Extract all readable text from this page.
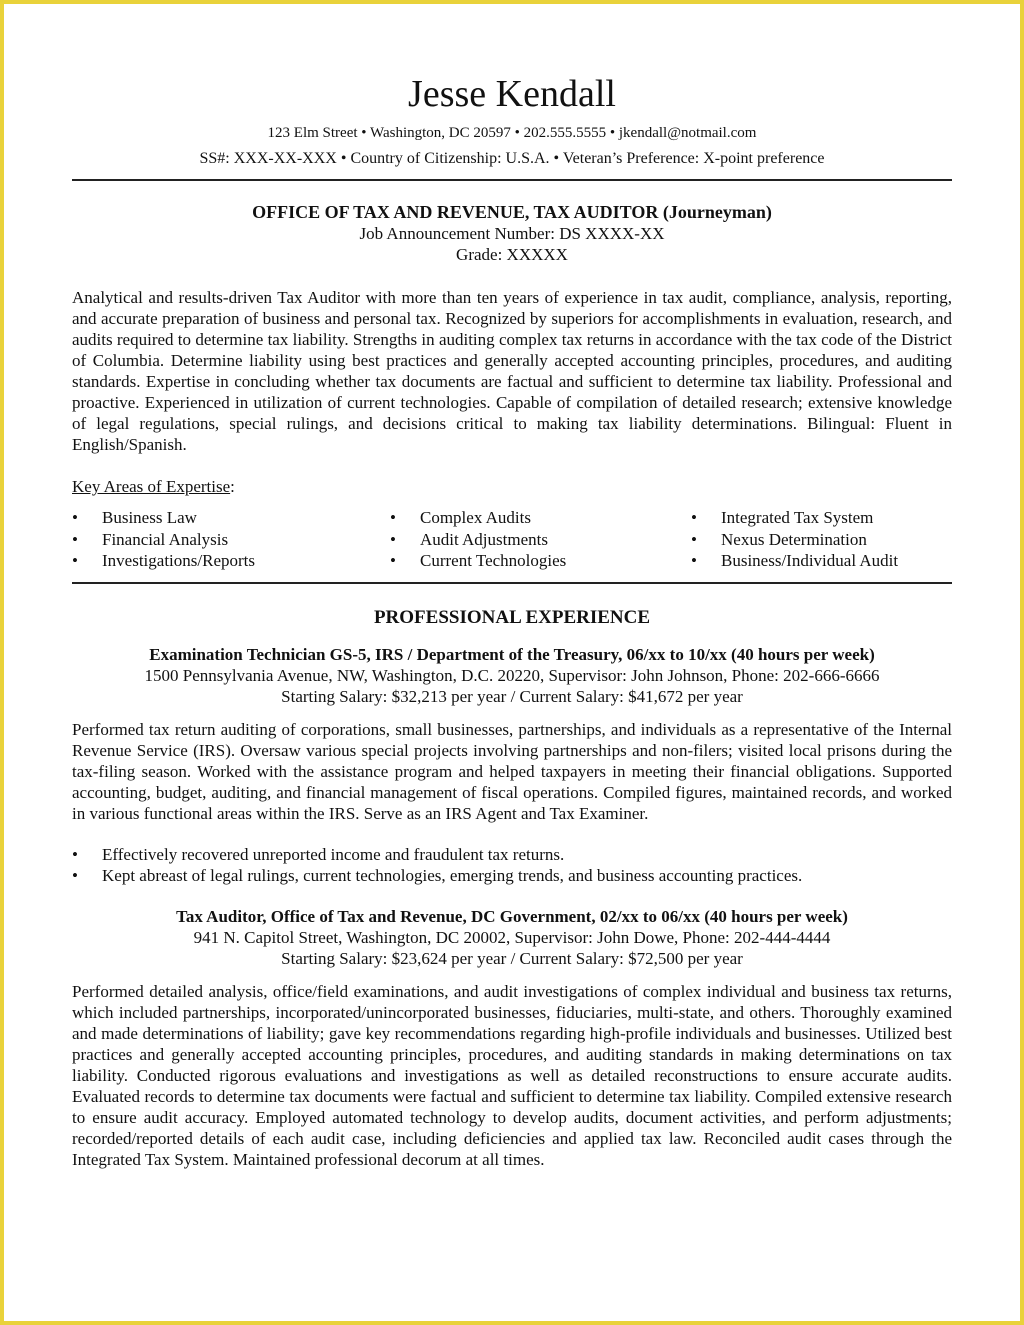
Jesse Kendall
123 Elm Street • Washington, DC 20597 • 202.555.5555 • jkendall@notmail.com
SS#: XXX-XX-XXX • Country of Citizenship: U.S.A. • Veteran’s Preference: X-point preference
OFFICE OF TAX AND REVENUE, TAX AUDITOR (Journeyman)
Job Announcement Number: DS XXXX-XX
Grade: XXXXX

Analytical and results-driven Tax Auditor with more than ten years of experience in tax audit, compliance, analysis, reporting, and accurate preparation of business and personal tax. Recognized by superiors for accomplishments in evaluation, research, and audits required to determine tax liability. Strengths in auditing complex tax returns in accordance with the tax code of the District of Columbia. Determine liability using best practices and generally accepted accounting principles, procedures, and auditing standards. Expertise in concluding whether tax documents are factual and sufficient to determine tax liability. Professional and proactive. Experienced in utilization of current technologies. Capable of compilation of detailed research; extensive knowledge of legal regulations, special rulings, and decisions critical to making tax liability determinations. Bilingual: Fluent in English/Spanish.

Key Areas of Expertise:
• Business Law
• Financial Analysis
• Investigations/Reports
• Complex Audits
• Audit Adjustments
• Current Technologies
• Integrated Tax System
• Nexus Determination
• Business/Individual Audit
PROFESSIONAL EXPERIENCE
Examination Technician GS-5, IRS / Department of the Treasury, 06/xx to 10/xx (40 hours per week)
1500 Pennsylvania Avenue, NW, Washington, D.C. 20220, Supervisor: John Johnson, Phone: 202-666-6666
Starting Salary: $32,213 per year / Current Salary: $41,672 per year

Performed tax return auditing of corporations, small businesses, partnerships, and individuals as a representative of the Internal Revenue Service (IRS). Oversaw various special projects involving partnerships and non-filers; visited local prisons during the tax-filing season. Worked with the assistance program and helped taxpayers in meeting their financial obligations. Supported accounting, budget, auditing, and financial management of fiscal operations. Compiled figures, maintained records, and worked in various functional areas within the IRS. Serve as an IRS Agent and Tax Examiner.

• Effectively recovered unreported income and fraudulent tax returns.
• Kept abreast of legal rulings, current technologies, emerging trends, and business accounting practices.
Tax Auditor, Office of Tax and Revenue, DC Government, 02/xx to 06/xx (40 hours per week)
941 N. Capitol Street, Washington, DC 20002, Supervisor: John Dowe, Phone: 202-444-4444
Starting Salary: $23,624 per year / Current Salary: $72,500 per year

Performed detailed analysis, office/field examinations, and audit investigations of complex individual and business tax returns, which included partnerships, incorporated/unincorporated businesses, fiduciaries, multi-state, and others. Thoroughly examined and made determinations of liability; gave key recommendations regarding high-profile individuals and businesses. Utilized best practices and generally accepted accounting principles, procedures, and auditing standards in making determinations on tax liability. Conducted rigorous evaluations and investigations as well as detailed reconstructions to ensure accurate audits. Evaluated records to determine tax documents were factual and sufficient to determine tax liability. Compiled extensive research to ensure audit accuracy. Employed automated technology to develop audits, document activities, and perform adjustments; recorded/reported details of each audit case, including deficiencies and applied tax law. Reconciled audit cases through the Integrated Tax System. Maintained professional decorum at all times.
